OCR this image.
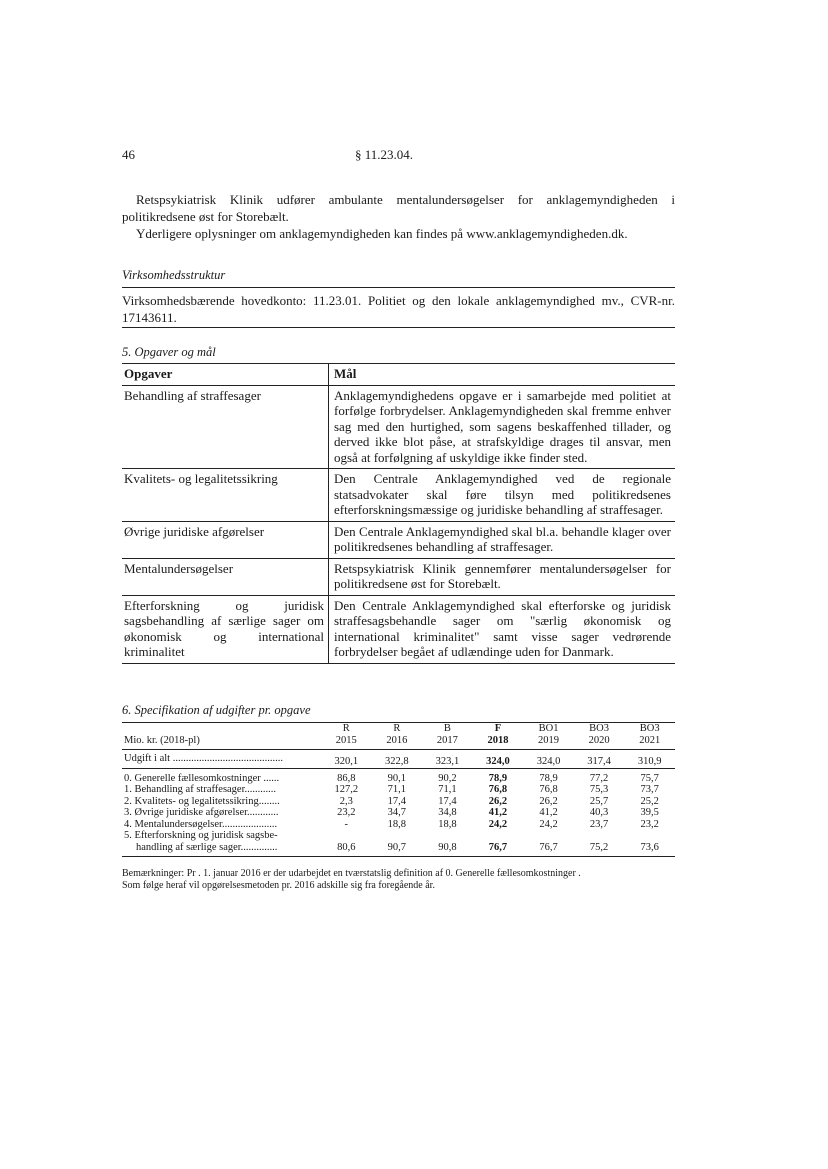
46	§ 11.23.04.

Retspsykiatrisk Klinik udfører ambulante mentalundersøgelser for anklagemyndigheden i politikredsene øst for Storebælt.

Yderligere oplysninger om anklagemyndigheden kan findes på www.anklagemyndigheden.dk.

Virksomhedsstruktur
Virksomhedsbærende hovedkonto: 11.23.01. Politiet og den lokale anklagemyndighed mv., CVR-nr. 17143611.
5. Opgaver og mål
Opgaver	Mål
Behandling af straffesager	Anklagemyndighedens opgave er i samarbejde med politiet at forfølge forbrydelser. Anklagemyndigheden skal fremme enhver sag med den hurtighed, som sagens beskaffenhed tillader, og derved ikke blot påse, at strafskyldige drages til ansvar, men også at forfølgning af uskyldige ikke finder sted.
Kvalitets- og legalitetssikring	Den Centrale Anklagemyndighed ved de regionale statsadvokater skal føre tilsyn med politikredsenes efterforskningsmæssige og juridiske behandling af straffesager.
Øvrige juridiske afgørelser	Den Centrale Anklagemyndighed skal bl.a. behandle klager over politikredsenes behandling af straffesager.
Mentalundersøgelser	Retspsykiatrisk Klinik gennemfører mentalundersøgelser for politikredsene øst for Storebælt.
Efterforskning og juridisk sagsbehandling af særlige sager om økonomisk og international kriminalitet	Den Centrale Anklagemyndighed skal efterforske og juridisk straffesagsbehandle sager om "særlig økonomisk og international kriminalitet" samt visse sager vedrørende forbrydelser begået af udlændinge uden for Danmark.
6. Specifikation af udgifter pr. opgave
	R	R	B	F	BO1	BO3	BO3
Mio. kr. (2018-pl)	2015	2016	2017	2018	2019	2020	2021
Udgift i alt ..........................................	320,1	322,8	323,1	324,0	324,0	317,4	310,9
0. Generelle fællesomkostninger ......	86,8	90,1	90,2	78,9	78,9	77,2	75,7
1. Behandling af straffesager............	127,2	71,1	71,1	76,8	76,8	75,3	73,7
2. Kvalitets- og legalitetssikring........	2,3	17,4	17,4	26,2	26,2	25,7	25,2
3. Øvrige juridiske afgørelser............	23,2	34,7	34,8	41,2	41,2	40,3	39,5
4. Mentalundersøgelser.....................	-	18,8	18,8	24,2	24,2	23,7	23,2
5. Efterforskning og juridisk sagsbe-							
handling af særlige sager..............	80,6	90,7	90,8	76,7	76,7	75,2	73,6
Bemærkninger: Pr . 1. januar 2016 er der udarbejdet en tværstatslig definition af 0. Generelle fællesomkostninger .
Som følge heraf vil opgørelsesmetoden pr. 2016 adskille sig fra foregående år.
